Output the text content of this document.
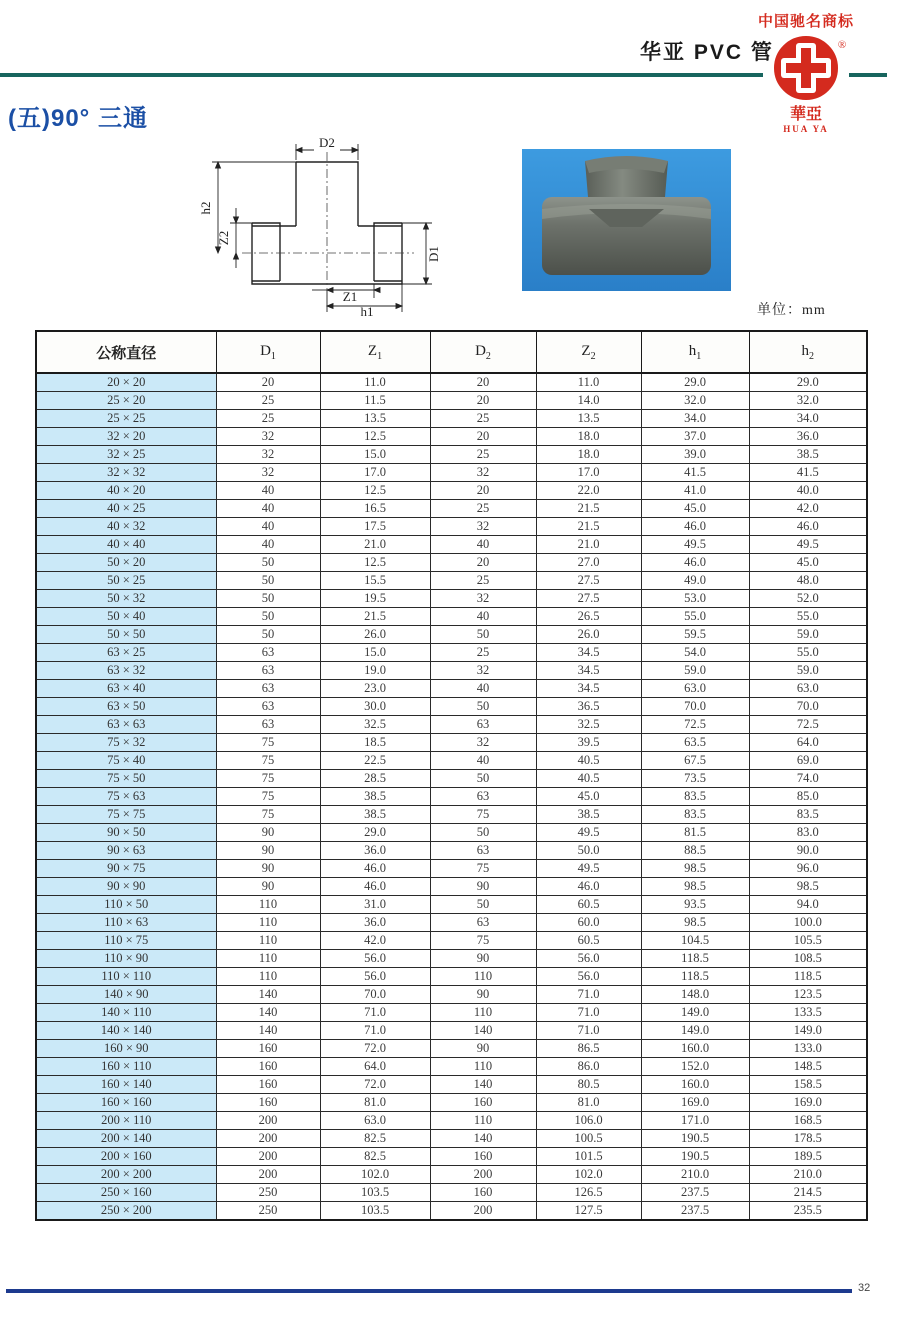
中国驰名商标
华亚 PVC 管	®
華亞
HUA YA
(五)90° 三通
D2
h2
Z2
D1
Z1
h1	单位：mm
公称直径	$D_1$	$Z_1$	$D_2$	$Z_2$	$h_1$	$h_2$
20 × 20	20	11.0	20	11.0	29.0	29.0
25 × 20	25	11.5	20	14.0	32.0	32.0
25 × 25	25	13.5	25	13.5	34.0	34.0
32 × 20	32	12.5	20	18.0	37.0	36.0
32 × 25	32	15.0	25	18.0	39.0	38.5
32 × 32	32	17.0	32	17.0	41.5	41.5
40 × 20	40	12.5	20	22.0	41.0	40.0
40 × 25	40	16.5	25	21.5	45.0	42.0
40 × 32	40	17.5	32	21.5	46.0	46.0
40 × 40	40	21.0	40	21.0	49.5	49.5
50 × 20	50	12.5	20	27.0	46.0	45.0
50 × 25	50	15.5	25	27.5	49.0	48.0
50 × 32	50	19.5	32	27.5	53.0	52.0
50 × 40	50	21.5	40	26.5	55.0	55.0
50 × 50	50	26.0	50	26.0	59.5	59.0
63 × 25	63	15.0	25	34.5	54.0	55.0
63 × 32	63	19.0	32	34.5	59.0	59.0
63 × 40	63	23.0	40	34.5	63.0	63.0
63 × 50	63	30.0	50	36.5	70.0	70.0
63 × 63	63	32.5	63	32.5	72.5	72.5
75 × 32	75	18.5	32	39.5	63.5	64.0
75 × 40	75	22.5	40	40.5	67.5	69.0
75 × 50	75	28.5	50	40.5	73.5	74.0
75 × 63	75	38.5	63	45.0	83.5	85.0
75 × 75	75	38.5	75	38.5	83.5	83.5
90 × 50	90	29.0	50	49.5	81.5	83.0
90 × 63	90	36.0	63	50.0	88.5	90.0
90 × 75	90	46.0	75	49.5	98.5	96.0
90 × 90	90	46.0	90	46.0	98.5	98.5
110 × 50	110	31.0	50	60.5	93.5	94.0
110 × 63	110	36.0	63	60.0	98.5	100.0
110 × 75	110	42.0	75	60.5	104.5	105.5
110 × 90	110	56.0	90	56.0	118.5	108.5
110 × 110	110	56.0	110	56.0	118.5	118.5
140 × 90	140	70.0	90	71.0	148.0	123.5
140 × 110	140	71.0	110	71.0	149.0	133.5
140 × 140	140	71.0	140	71.0	149.0	149.0
160 × 90	160	72.0	90	86.5	160.0	133.0
160 × 110	160	64.0	110	86.0	152.0	148.5
160 × 140	160	72.0	140	80.5	160.0	158.5
160 × 160	160	81.0	160	81.0	169.0	169.0
200 × 110	200	63.0	110	106.0	171.0	168.5
200 × 140	200	82.5	140	100.5	190.5	178.5
200 × 160	200	82.5	160	101.5	190.5	189.5
200 × 200	200	102.0	200	102.0	210.0	210.0
250 × 160	250	103.5	160	126.5	237.5	214.5
250 × 200	250	103.5	200	127.5	237.5	235.5
32
